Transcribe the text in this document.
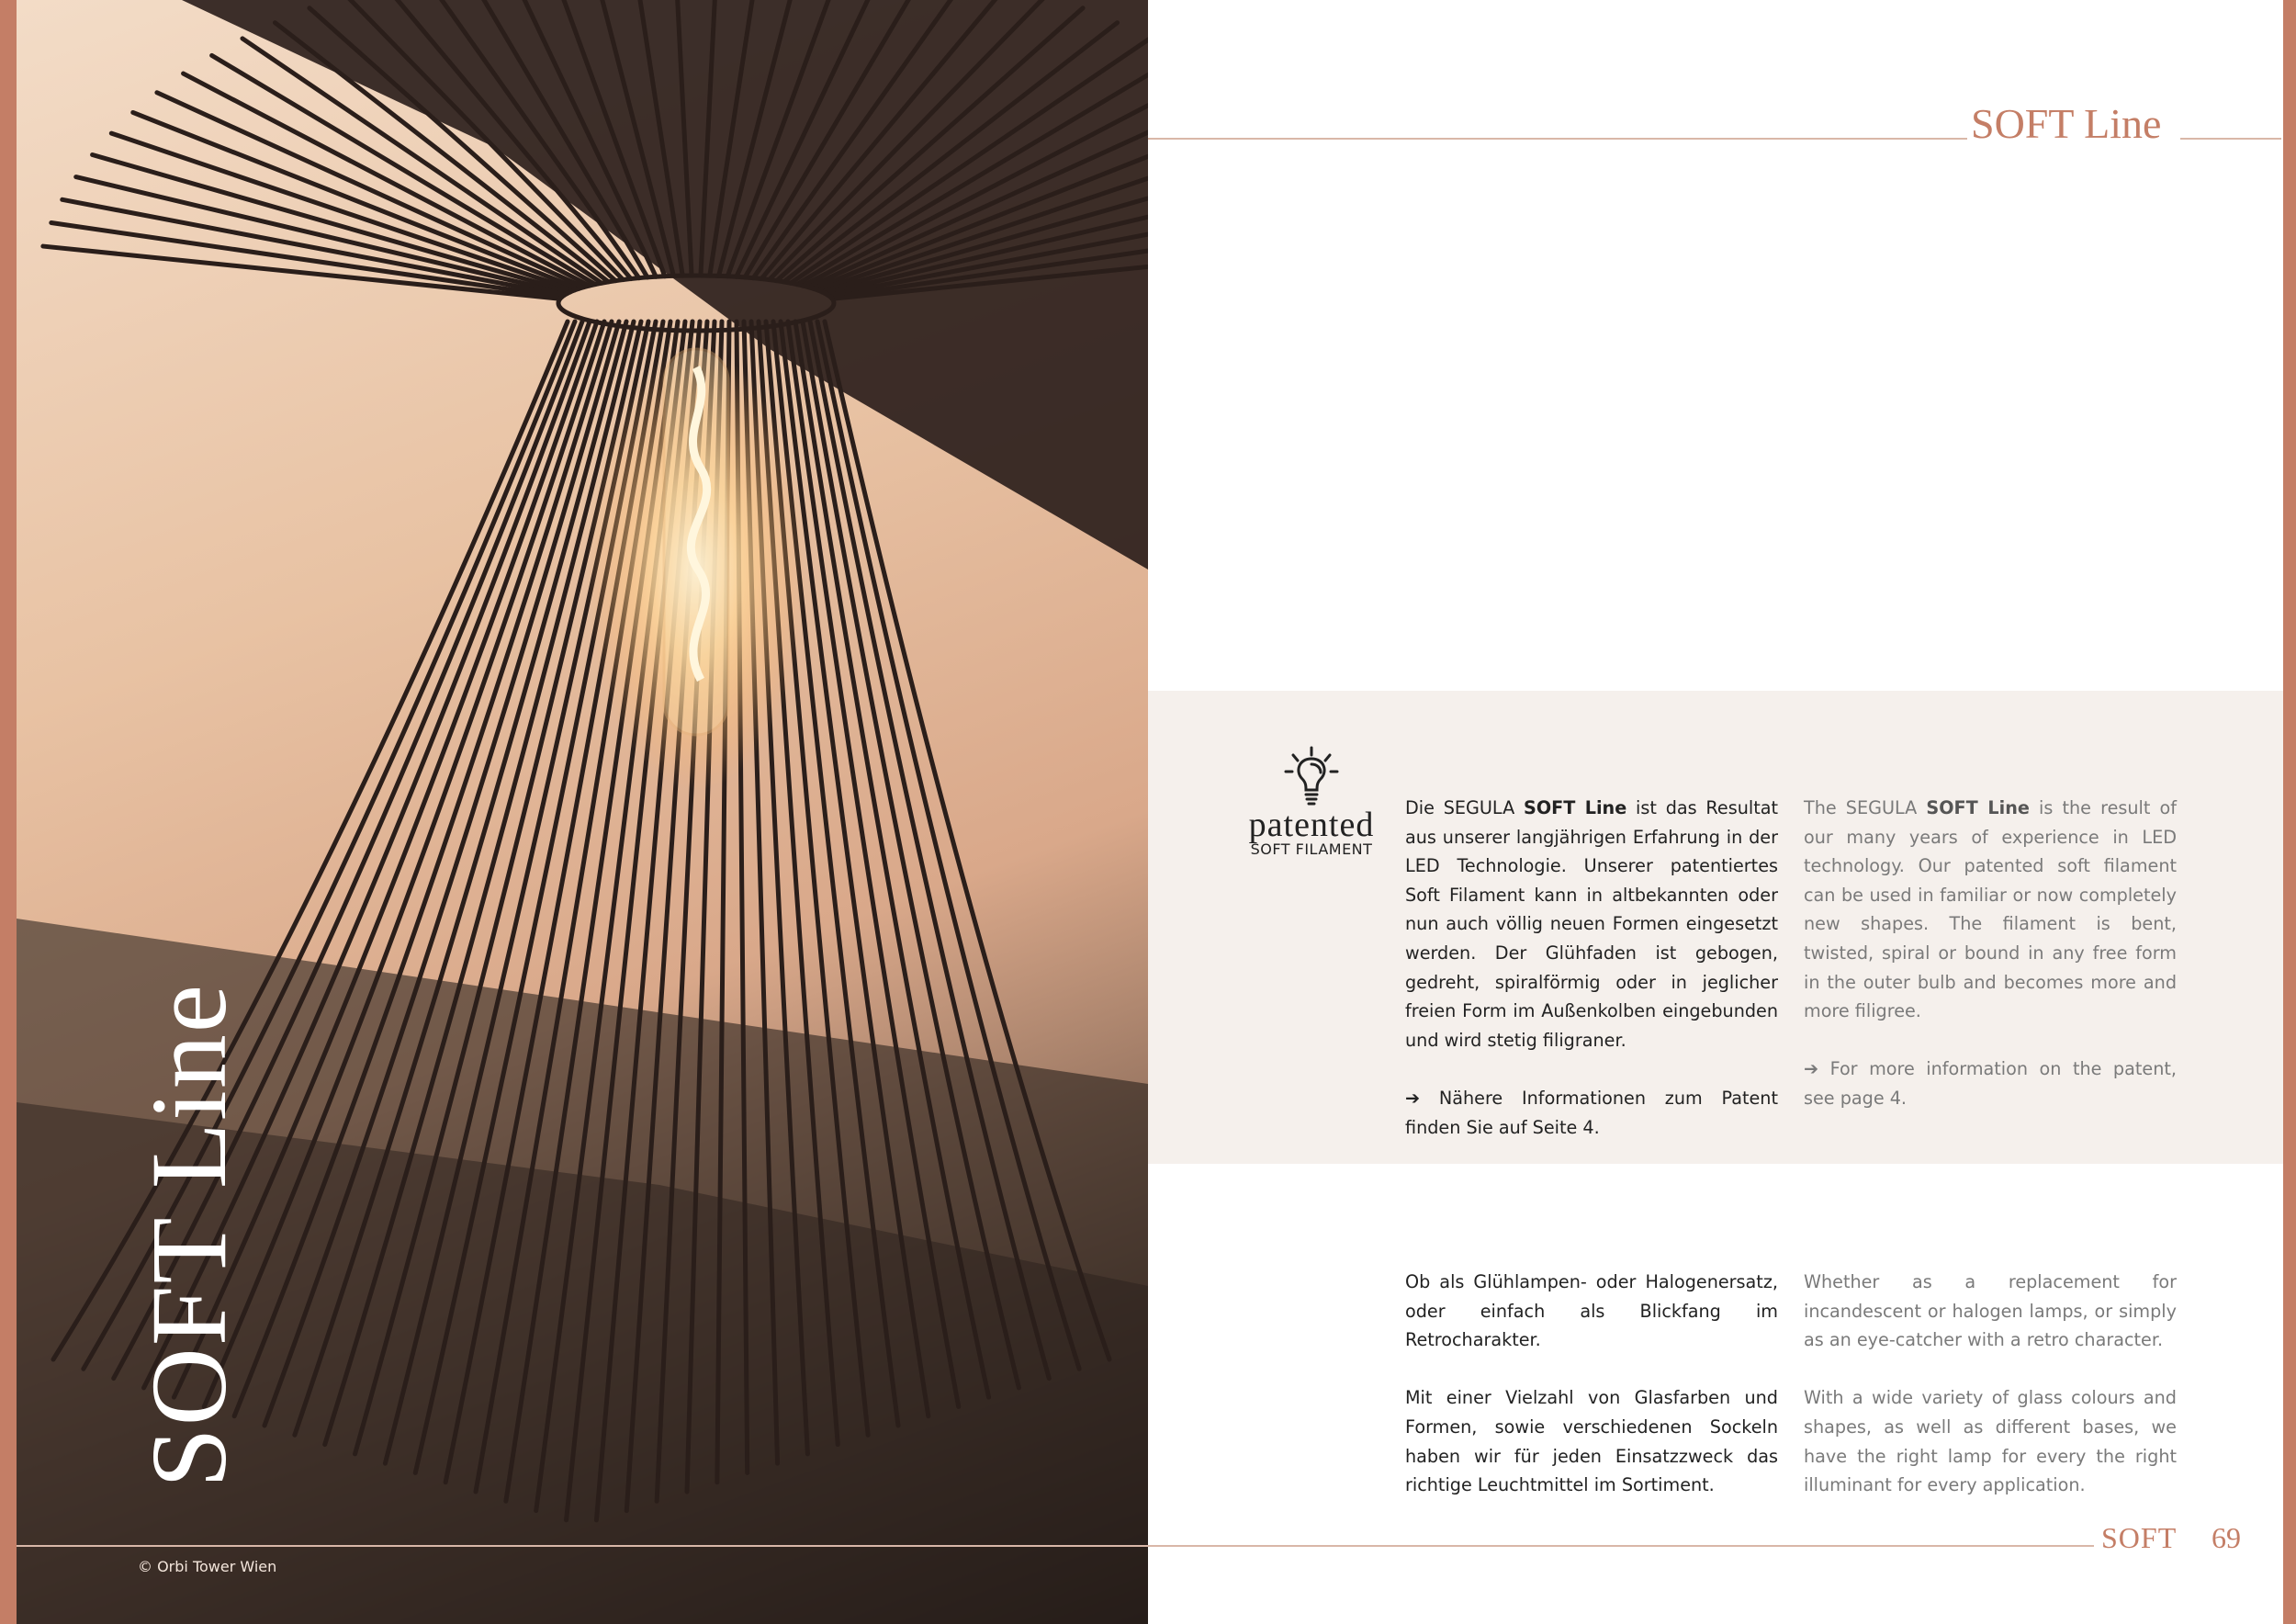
SOFT Line
© Orbi Tower Wien
SOFT Line
patented
SOFT FILAMENT

Die SEGULA SOFT Line ist das Resultat aus unserer langjährigen Erfahrung in der LED Technologie. Unserer patentiertes Soft Filament kann in altbekannten oder nun auch völlig neuen Formen eingesetzt werden. Der Glühfaden ist gebogen, gedreht, spiralförmig oder in jeglicher freien Form im Außenkolben eingebunden und wird stetig filigraner.

➔ Nähere Informationen zum Patent finden Sie auf Seite 4.

The SEGULA SOFT Line is the result of our many years of experience in LED technology. Our patented soft filament can be used in familiar or now completely new shapes. The filament is bent, twisted, spiral or bound in any free form in the outer bulb and becomes more and more filigree.

➔ For more information on the patent, see page 4.

Ob als Glühlampen- oder Halogenersatz, oder einfach als Blickfang im Retrocharakter.

Mit einer Vielzahl von Glasfarben und Formen, sowie verschiedenen Sockeln haben wir für jeden Einsatzzweck das richtige Leuchtmittel im Sortiment.

Whether as a replacement for incandescent or halogen lamps, or simply as an eye-catcher with a retro character.

With a wide variety of glass colours and shapes, as well as different bases, we have the right lamp for every the right illuminant for every application.

SOFT 69
